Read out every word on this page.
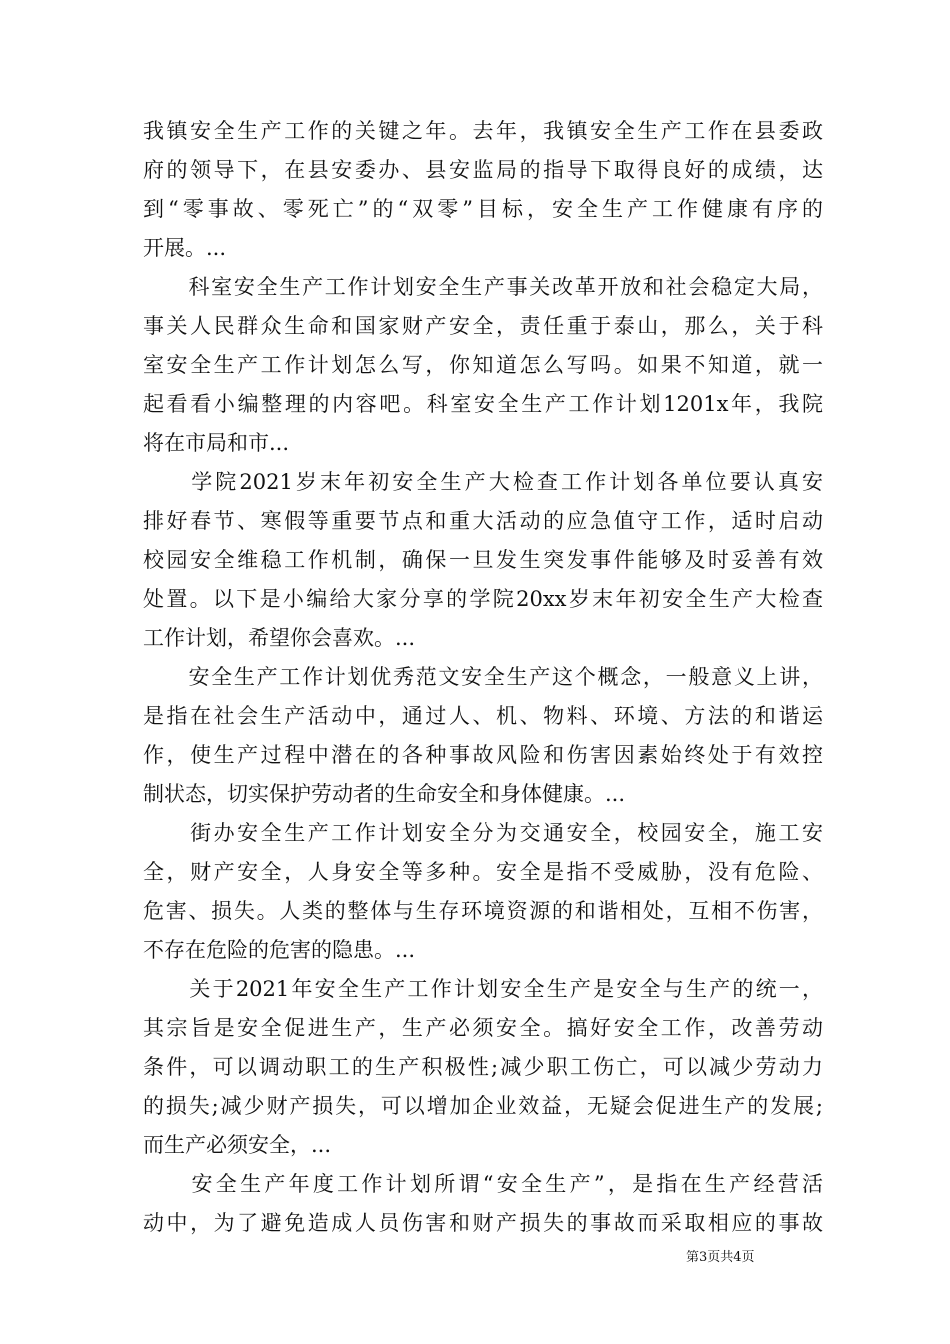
我镇安全生产工作的关键之年。去年，我镇安全生产工作在县委政
府的领导下，在县安委办、县安监局的指导下取得良好的成绩，达
到“零事故、零死亡”的“双零”目标，安全生产工作健康有序的
开展。...
　　科室安全生产工作计划安全生产事关改革开放和社会稳定大局，
事关人民群众生命和国家财产安全，责任重于泰山，那么，关于科
室安全生产工作计划怎么写，你知道怎么写吗。如果不知道，就一
起看看小编整理的内容吧。科室安全生产工作计划1201x年，我院
将在市局和市...
　　学院2021岁末年初安全生产大检查工作计划各单位要认真安
排好春节、寒假等重要节点和重大活动的应急值守工作，适时启动
校园安全维稳工作机制，确保一旦发生突发事件能够及时妥善有效
处置。以下是小编给大家分享的学院20xx岁末年初安全生产大检查
工作计划，希望你会喜欢。...
　　安全生产工作计划优秀范文安全生产这个概念，一般意义上讲，
是指在社会生产活动中，通过人、机、物料、环境、方法的和谐运
作，使生产过程中潜在的各种事故风险和伤害因素始终处于有效控
制状态，切实保护劳动者的生命安全和身体健康。...
　　街办安全生产工作计划安全分为交通安全，校园安全，施工安
全，财产安全，人身安全等多种。安全是指不受威胁，没有危险、
危害、损失。人类的整体与生存环境资源的和谐相处，互相不伤害，
不存在危险的危害的隐患。...
　　关于2021年安全生产工作计划安全生产是安全与生产的统一，
其宗旨是安全促进生产，生产必须安全。搞好安全工作，改善劳动
条件，可以调动职工的生产积极性;减少职工伤亡，可以减少劳动力
的损失;减少财产损失，可以增加企业效益，无疑会促进生产的发展;
而生产必须安全，...
　　安全生产年度工作计划所谓“安全生产”，是指在生产经营活
动中，为了避免造成人员伤害和财产损失的事故而采取相应的事故
第3页共4页
